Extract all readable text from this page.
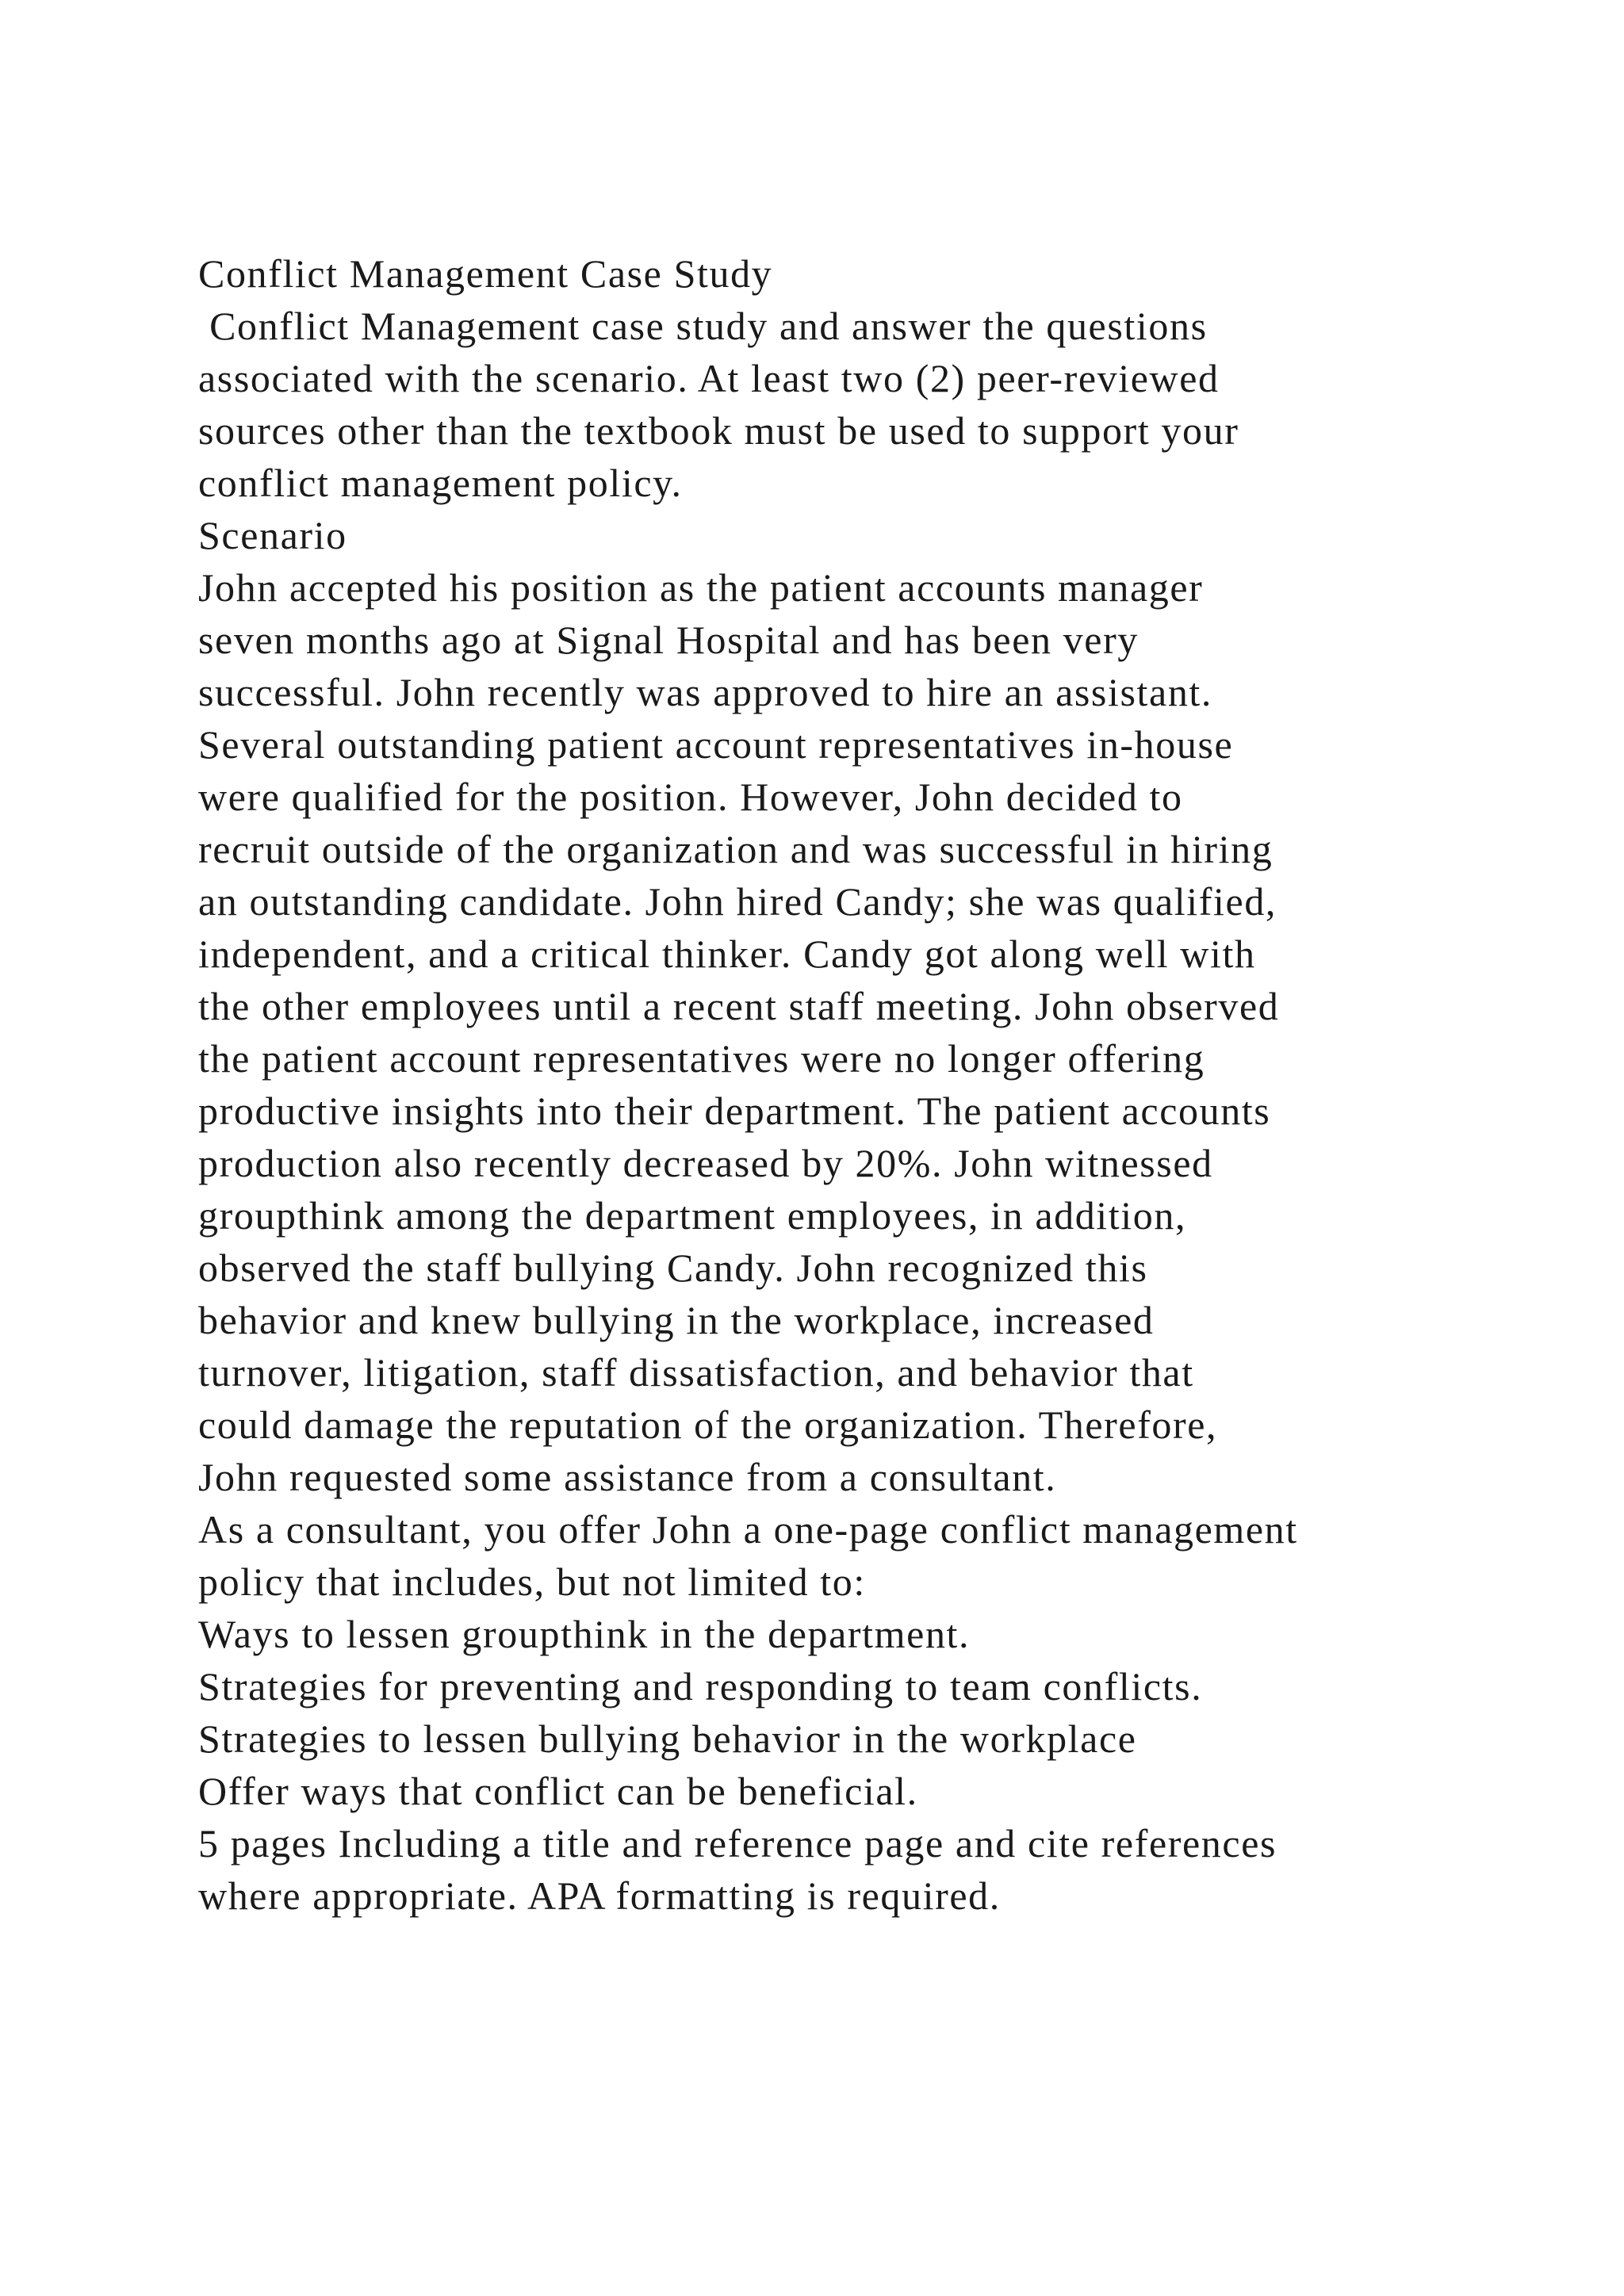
Conflict Management Case Study
Conflict Management case study and answer the questions
associated with the scenario. At least two (2) peer-reviewed
sources other than the textbook must be used to support your
conflict management policy.
Scenario
John accepted his position as the patient accounts manager
seven months ago at Signal Hospital and has been very
successful. John recently was approved to hire an assistant.
Several outstanding patient account representatives in-house
were qualified for the position. However, John decided to
recruit outside of the organization and was successful in hiring
an outstanding candidate. John hired Candy; she was qualified,
independent, and a critical thinker. Candy got along well with
the other employees until a recent staff meeting. John observed
the patient account representatives were no longer offering
productive insights into their department. The patient accounts
production also recently decreased by 20%. John witnessed
groupthink among the department employees, in addition,
observed the staff bullying Candy. John recognized this
behavior and knew bullying in the workplace, increased
turnover, litigation, staff dissatisfaction, and behavior that
could damage the reputation of the organization. Therefore,
John requested some assistance from a consultant.
As a consultant, you offer John a one-page conflict management
policy that includes, but not limited to:
Ways to lessen groupthink in the department.
Strategies for preventing and responding to team conflicts.
Strategies to lessen bullying behavior in the workplace
Offer ways that conflict can be beneficial.
5 pages Including a title and reference page and cite references
where appropriate. APA formatting is required.
